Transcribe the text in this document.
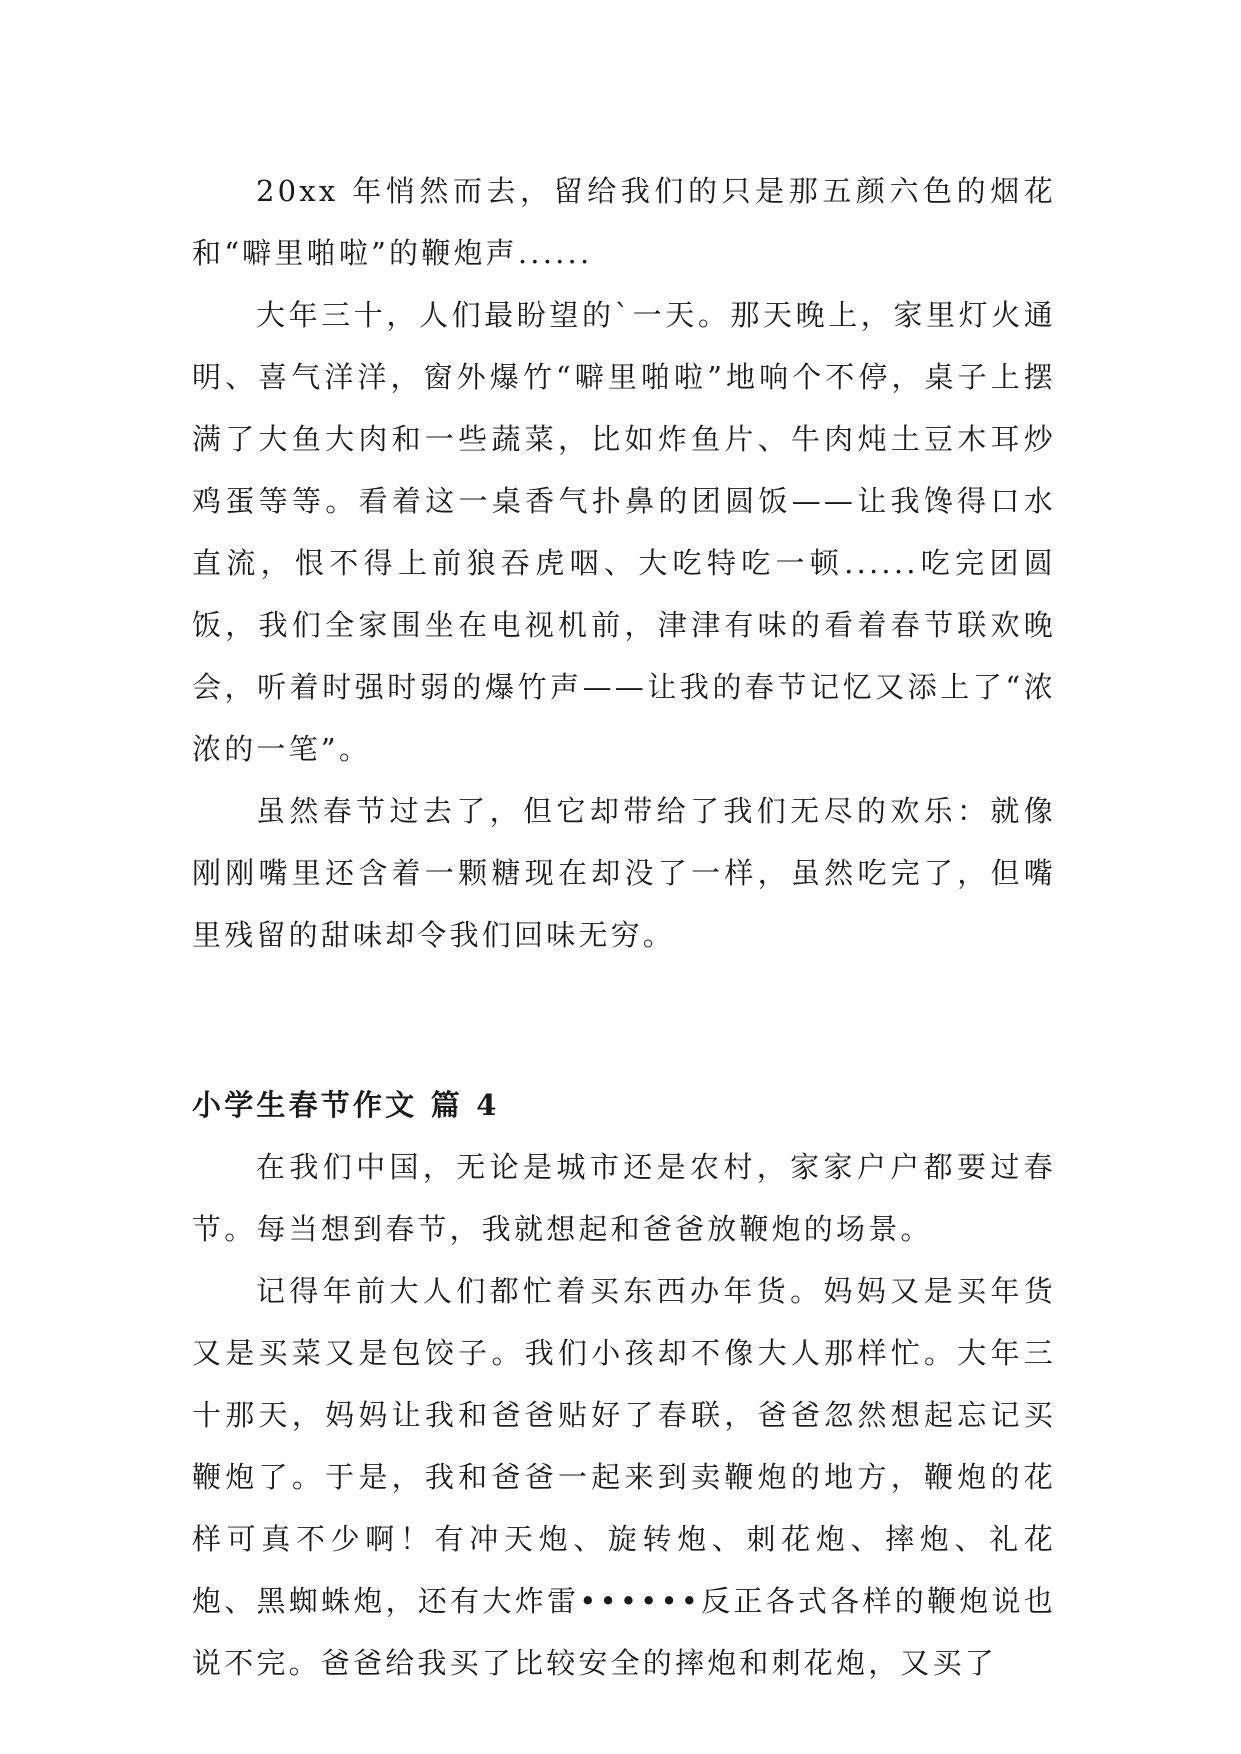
20xx 年悄然而去，留给我们的只是那五颜六色的烟花和“噼里啪啦”的鞭炮声......

大年三十，人们最盼望的`一天。那天晚上，家里灯火通明、喜气洋洋，窗外爆竹“噼里啪啦”地响个不停，桌子上摆满了大鱼大肉和一些蔬菜，比如炸鱼片、牛肉炖土豆木耳炒鸡蛋等等。看着这一桌香气扑鼻的团圆饭——让我馋得口水直流，恨不得上前狼吞虎咽、大吃特吃一顿......吃完团圆饭，我们全家围坐在电视机前，津津有味的看着春节联欢晚会，听着时强时弱的爆竹声——让我的春节记忆又添上了“浓浓的一笔”。

虽然春节过去了，但它却带给了我们无尽的欢乐：就像刚刚嘴里还含着一颗糖现在却没了一样，虽然吃完了，但嘴里残留的甜味却令我们回味无穷。

小学生春节作文 篇 4

在我们中国，无论是城市还是农村，家家户户都要过春节。每当想到春节，我就想起和爸爸放鞭炮的场景。

记得年前大人们都忙着买东西办年货。妈妈又是买年货又是买菜又是包饺子。我们小孩却不像大人那样忙。大年三十那天，妈妈让我和爸爸贴好了春联，爸爸忽然想起忘记买鞭炮了。于是，我和爸爸一起来到卖鞭炮的地方，鞭炮的花样可真不少啊！有冲天炮、旋转炮、刺花炮、摔炮、礼花炮、黑蜘蛛炮，还有大炸雷••••••反正各式各样的鞭炮说也说不完。爸爸给我买了比较安全的摔炮和刺花炮，又买了
